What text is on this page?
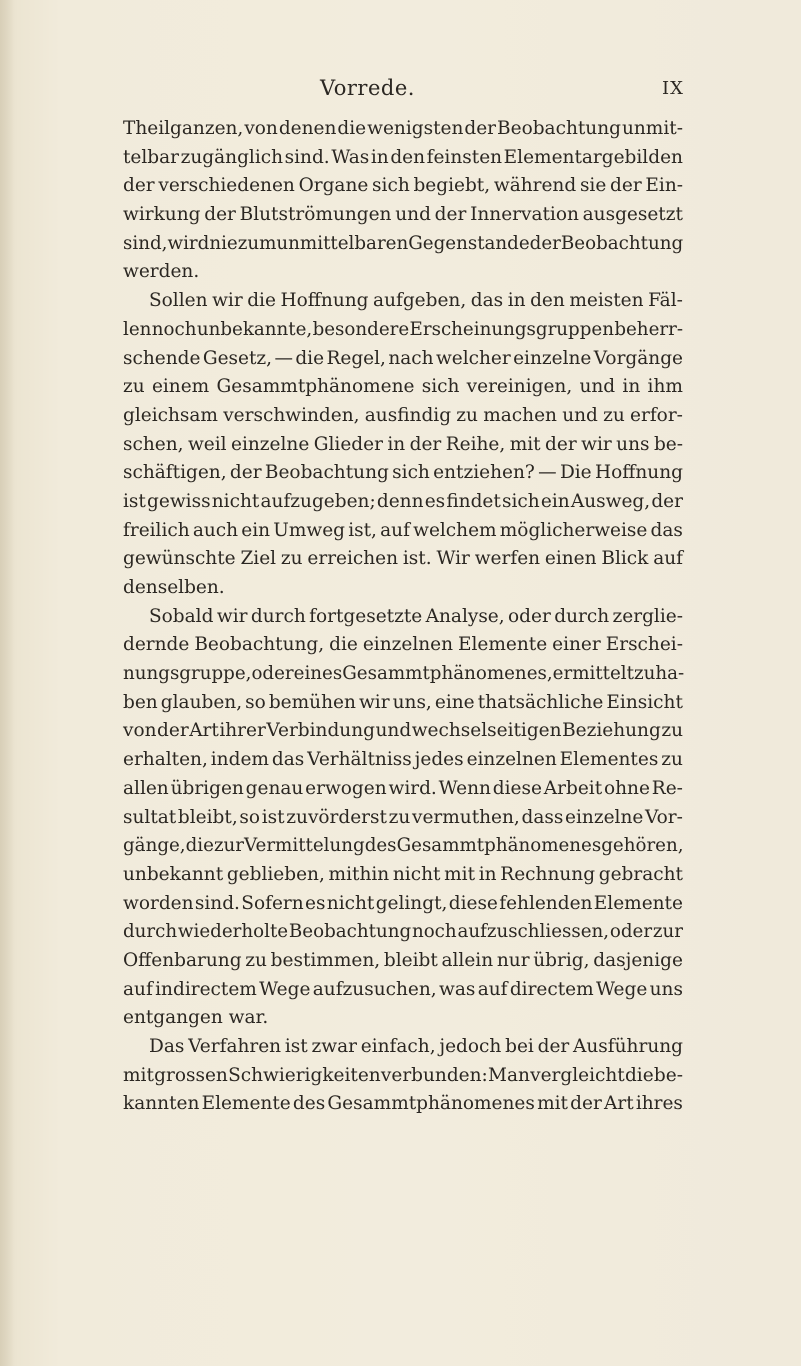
Vorrede.	IX
Theilganzen, von denen die wenigsten der Beobachtung unmit-
telbar zugänglich sind. Was in den feinsten Elementargebilden
der verschiedenen Organe sich begiebt, während sie der Ein-
wirkung der Blutströmungen und der Innervation ausgesetzt
sind, wird nie zum unmittelbaren Gegenstande der Beobachtung
werden.
Sollen wir die Hoffnung aufgeben, das in den meisten Fäl-
len noch unbekannte, besondere Erscheinungsgruppen beherr-
schende Gesetz, — die Regel, nach welcher einzelne Vorgänge
zu einem Gesammtphänomene sich vereinigen, und in ihm
gleichsam verschwinden, ausfindig zu machen und zu erfor-
schen, weil einzelne Glieder in der Reihe, mit der wir uns be-
schäftigen, der Beobachtung sich entziehen? — Die Hoffnung
ist gewiss nicht aufzugeben; denn es findet sich ein Ausweg, der
freilich auch ein Umweg ist, auf welchem möglicherweise das
gewünschte Ziel zu erreichen ist. Wir werfen einen Blick auf
denselben.
Sobald wir durch fortgesetzte Analyse, oder durch zerglie-
dernde Beobachtung, die einzelnen Elemente einer Erschei-
nungsgruppe, oder eines Gesammtphänomenes, ermittelt zu ha-
ben glauben, so bemühen wir uns, eine thatsächliche Einsicht
von der Art ihrer Verbindung und wechselseitigen Beziehung zu
erhalten, indem das Verhältniss jedes einzelnen Elementes zu
allen übrigen genau erwogen wird. Wenn diese Arbeit ohne Re-
sultat bleibt, so ist zuvörderst zu vermuthen, dass einzelne Vor-
gänge, die zur Vermittelung des Gesammtphänomenes gehören,
unbekannt geblieben, mithin nicht mit in Rechnung gebracht
worden sind. Sofern es nicht gelingt, diese fehlenden Elemente
durch wiederholte Beobachtung noch aufzuschliessen, oder zur
Offenbarung zu bestimmen, bleibt allein nur übrig, dasjenige
auf indirectem Wege aufzusuchen, was auf directem Wege uns
entgangen war.
Das Verfahren ist zwar einfach, jedoch bei der Ausführung
mit grossen Schwierigkeiten verbunden: Man vergleicht die be-
kannten Elemente des Gesammtphänomenes mit der Art ihres
